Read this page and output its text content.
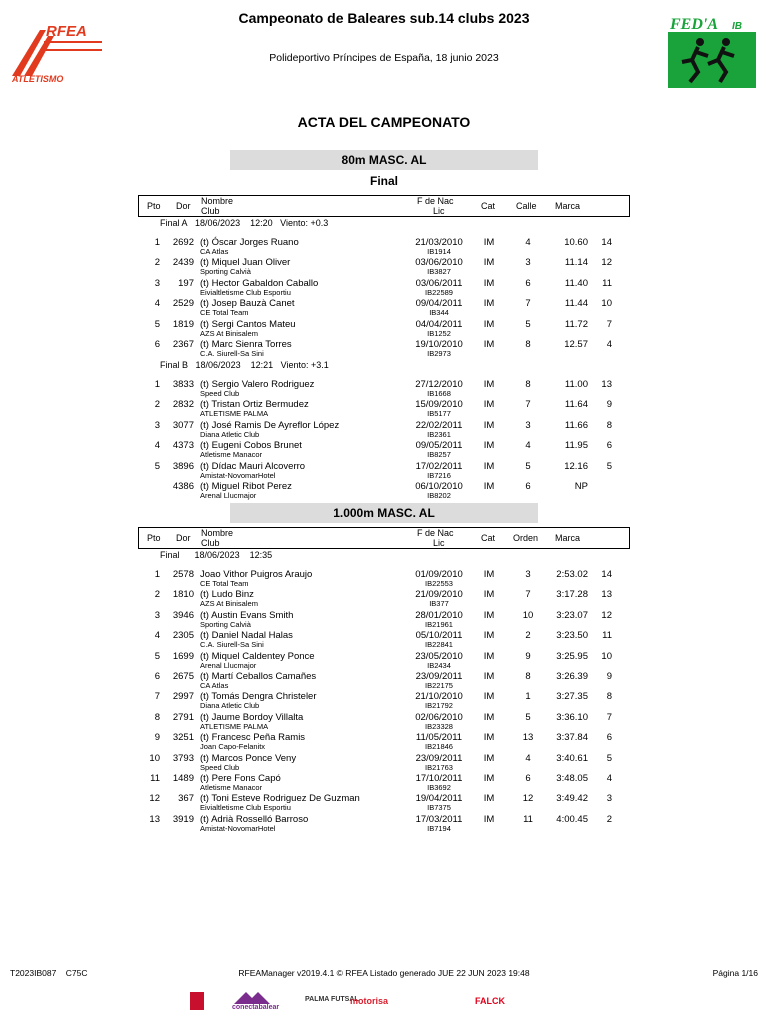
RFEA
ATLETISMO
FED'A IB
Campeonato de Baleares sub.14 clubs 2023
Polideportivo Príncipes de España, 18 junio 2023
ACTA DEL CAMPEONATO
80m MASC. AL
Final
Pto Dor Nombre
Club
F de Nac
Lic	Cat Calle Marca
Final A 18/06/2023 12:20 Viento: +0.3
1	2692 (t) Óscar Jorges Ruano	21/03/2010	IM	4	10.60	14
CA Atlas	IB1914
2	2439 (t) Miquel Juan Oliver	03/06/2010	IM	3	11.14	12
Sporting Calvià	IB3827
3	197 (t) Hector Gabaldon Caballo	03/06/2011	IM	6	11.40	11
Eivialtletisme Club Esportiu	IB22589
4	2529 (t) Josep Bauzà Canet	09/04/2011	IM	7	11.44	10
CE Total Team	IB344
5	1819 (t) Sergi Cantos Mateu	04/04/2011	IM	5	11.72	7
AZS At Binisalem	IB1252
6	2367 (t) Marc Sienra Torres	19/10/2010	IM	8	12.57	4
C.A. Siurell-Sa Sini	IB2973
Final B 18/06/2023 12:21 Viento: +3.1
1	3833 (t) Sergio Valero Rodriguez	27/12/2010	IM	8	11.00	13
Speed Club	IB1668
2	2832 (t) Tristan Ortiz Bermudez	15/09/2010	IM	7	11.64	9
ATLETISME PALMA	IB5177
3	3077 (t) José Ramis De Ayreflor López	22/02/2011	IM	3	11.66	8
Diana Atletic Club	IB2361
4	4373 (t) Eugeni Cobos Brunet	09/05/2011	IM	4	11.95	6
Atletisme Manacor	IB8257
5	3896 (t) Dídac Mauri Alcoverro	17/02/2011	IM	5	12.16	5
Amistat-NovomarHotel	IB7216
4386 (t) Miguel Ribot Perez	06/10/2010	IM	6	NP
Arenal Llucmajor	IB8202
1.000m MASC. AL
Pto Dor Nombre
Club
F de Nac
Lic	Cat Orden Marca
Final 18/06/2023 12:35
1	2578 Joao Vithor Puigros Araujo	01/09/2010	IM	3	2:53.02	14
CE Total Team	IB22553
2	1810 (t) Ludo Binz	21/09/2010	IM	7	3:17.28	13
AZS At Binisalem	IB377
3	3946 (t) Austin Evans Smith	28/01/2010	IM	10	3:23.07	12
Sporting Calvià	IB21961
4	2305 (t) Daniel Nadal Halas	05/10/2011	IM	2	3:23.50	11
C.A. Siurell-Sa Sini	IB22841
5	1699 (t) Miquel Caldentey Ponce	23/05/2010	IM	9	3:25.95	10
Arenal Llucmajor	IB2434
6	2675 (t) Martí Ceballos Camañes	23/09/2011	IM	8	3:26.39	9
CA Atlas	IB22175
7	2997 (t) Tomás Dengra Christeler	21/10/2010	IM	1	3:27.35	8
Diana Atletic Club	IB21792
8	2791 (t) Jaume Bordoy Villalta	02/06/2010	IM	5	3:36.10	7
ATLETISME PALMA	IB23328
9	3251 (t) Francesc Peña Ramis	11/05/2011	IM	13	3:37.84	6
Joan Capo-Felanitx	IB21846
10	3793 (t) Marcos Ponce Veny	23/09/2011	IM	4	3:40.61	5
Speed Club	IB21763
11	1489 (t) Pere Fons Capó	17/10/2011	IM	6	3:48.05	4
Atletisme Manacor	IB3692
12	367 (t) Toni Esteve Rodriguez De Guzman	19/04/2011	IM	12	3:49.42	3
Eivialtletisme Club Esportiu	IB7375
13	3919 (t) Adrià Rosselló Barroso	17/03/2011	IM	11	4:00.45	2
Amistat-NovomarHotel	IB7194
T2023IB087 C75C	RFEAManager v2019.4.1 © RFEA Listado generado JUE 22 JUN 2023 19:48	Página 1/16
conectabalear
PALMA FUTSAL
motorisa	FALCK
